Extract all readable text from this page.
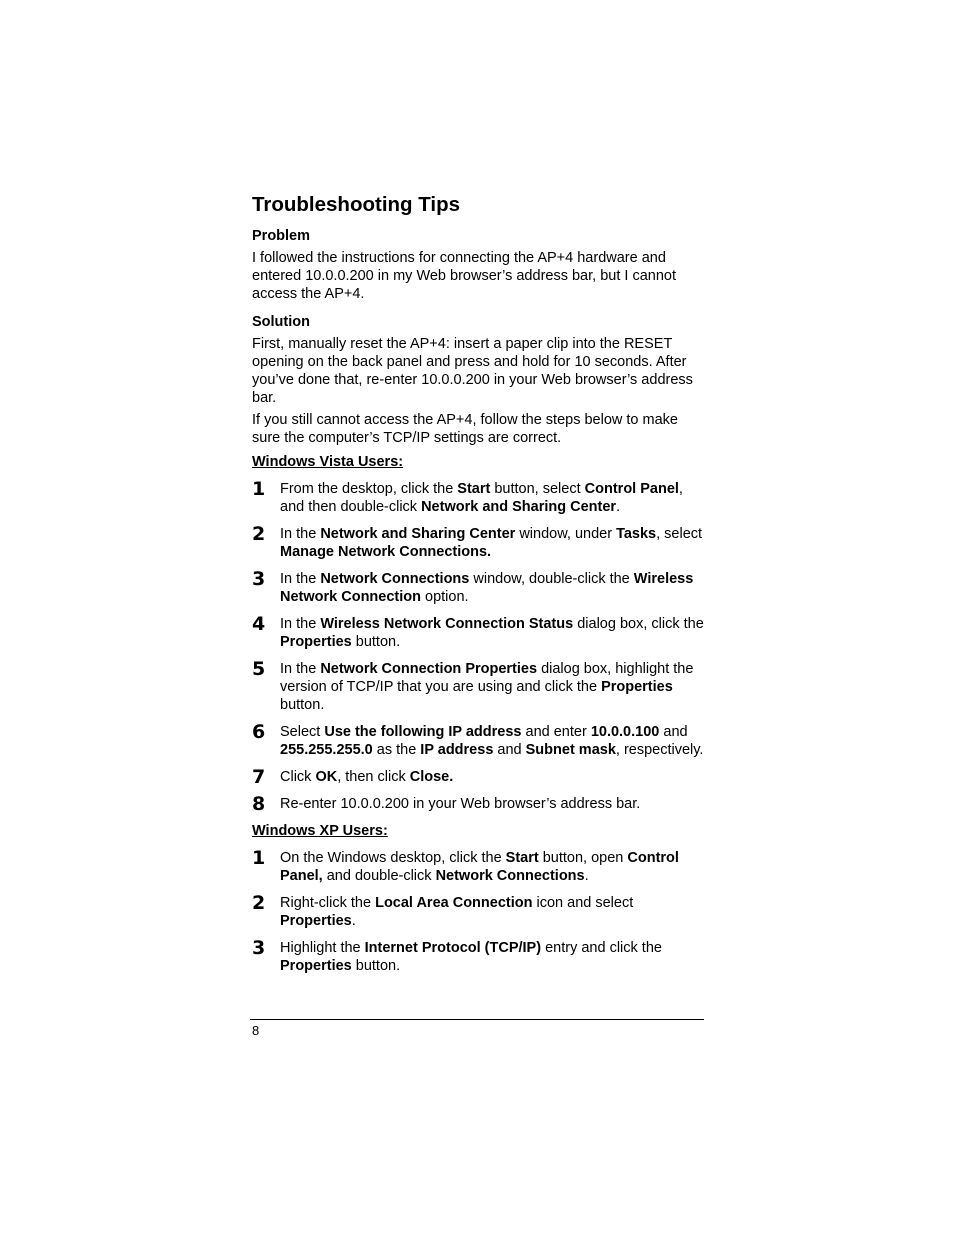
Troubleshooting Tips
Problem

I followed the instructions for connecting the AP+4 hardware and entered 10.0.0.200 in my Web browser’s address bar, but I cannot access the AP+4.

Solution

First, manually reset the AP+4: insert a paper clip into the RESET opening on the back panel and press and hold for 10 seconds. After you’ve done that, re-enter 10.0.0.200 in your Web browser’s address bar.

If you still cannot access the AP+4, follow the steps below to make sure the computer’s TCP/IP settings are correct.

Windows Vista Users:
1	From the desktop, click the Start button, select Control Panel, and then double-click Network and Sharing Center.
2	In the Network and Sharing Center window, under Tasks, select Manage Network Connections.
3	In the Network Connections window, double-click the Wireless Network Connection option.
4	In the Wireless Network Connection Status dialog box, click the Properties button.
5	In the Network Connection Properties dialog box, highlight the version of TCP/IP that you are using and click the Properties button.
6	Select Use the following IP address and enter 10.0.0.100 and 255.255.255.0 as the IP address and Subnet mask, respectively.
7	Click OK, then click Close.
8	Re-enter 10.0.0.200 in your Web browser’s address bar.
Windows XP Users:
1	On the Windows desktop, click the Start button, open Control Panel, and double-click Network Connections.
2	Right-click the Local Area Connection icon and select Properties.
3	Highlight the Internet Protocol (TCP/IP) entry and click the Properties button.
8
